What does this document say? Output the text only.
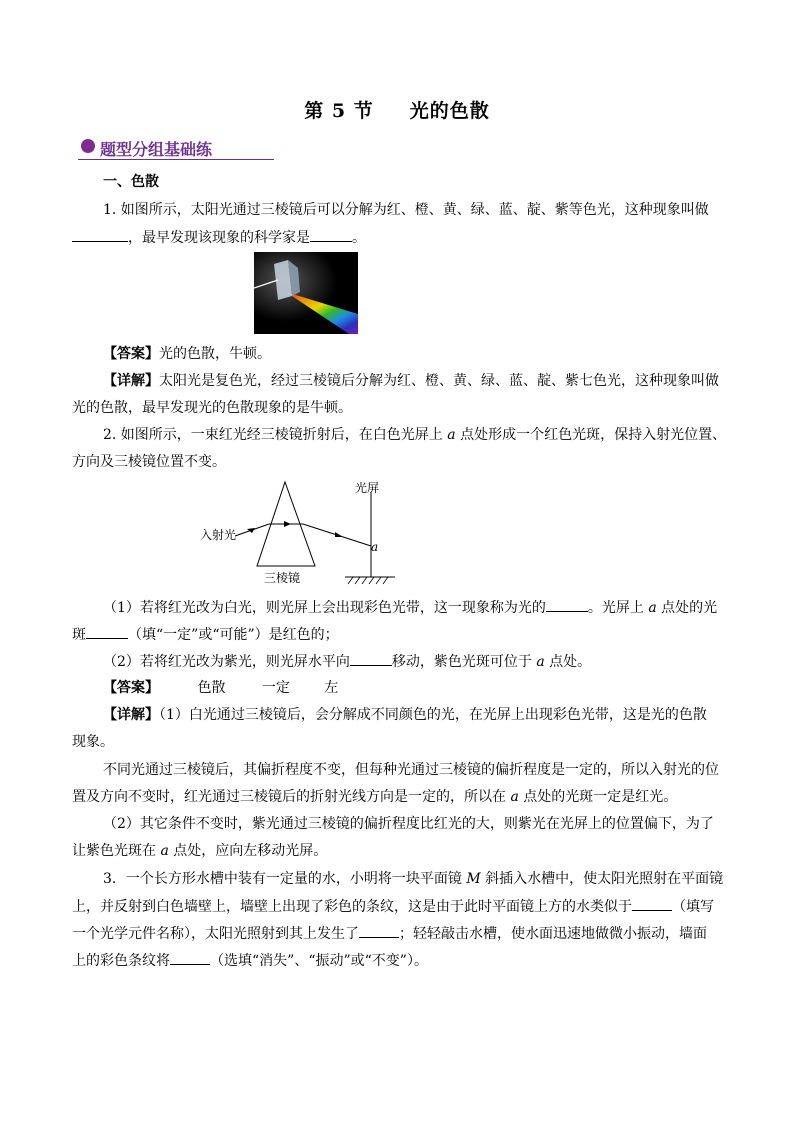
第 5 节 光的色散
题型分组基础练
一、色散
1. 如图所示，太阳光通过三棱镜后可以分解为红、橙、黄、绿、蓝、靛、紫等色光，这种现象叫做
，最早发现该现象的科学家是	。
【答案】光的色散，牛顿。
【详解】太阳光是复色光，经过三棱镜后分解为红、橙、黄、绿、蓝、靛、紫七色光，这种现象叫做
光的色散，最早发现光的色散现象的是牛顿。
2. 如图所示，一束红光经三棱镜折射后，在白色光屏上 a 点处形成一个红色光斑，保持入射光位置、
方向及三棱镜位置不变。
光屏
入射光
三棱镜
a
（1）若将红光改为白光，则光屏上会出现彩色光带，这一现象称为光的	。光屏上 a 点处的光
斑	（填“一定”或“可能”）是红色的；
（2）若将红光改为紫光，则光屏水平向	移动，紫色光斑可位于 a 点处。
【答案】	色散	一定 左
【详解】（1）白光通过三棱镜后，会分解成不同颜色的光，在光屏上出现彩色光带，这是光的色散
现象。
不同光通过三棱镜后，其偏折程度不变，但每种光通过三棱镜的偏折程度是一定的，所以入射光的位
置及方向不变时，红光通过三棱镜后的折射光线方向是一定的，所以在 a 点处的光斑一定是红光。
（2）其它条件不变时，紫光通过三棱镜的偏折程度比红光的大，则紫光在光屏上的位置偏下，为了
让紫色光斑在 a 点处，应向左移动光屏。
3．一个长方形水槽中装有一定量的水，小明将一块平面镜 M 斜插入水槽中，使太阳光照射在平面镜
上，并反射到白色墙壁上，墙壁上出现了彩色的条纹，这是由于此时平面镜上方的水类似于	（填写
一个光学元件名称），太阳光照射到其上发生了	；轻轻敲击水槽，使水面迅速地做微小振动，墙面
上的彩色条纹将	（选填“消失”、“振动”或“不变”）。
